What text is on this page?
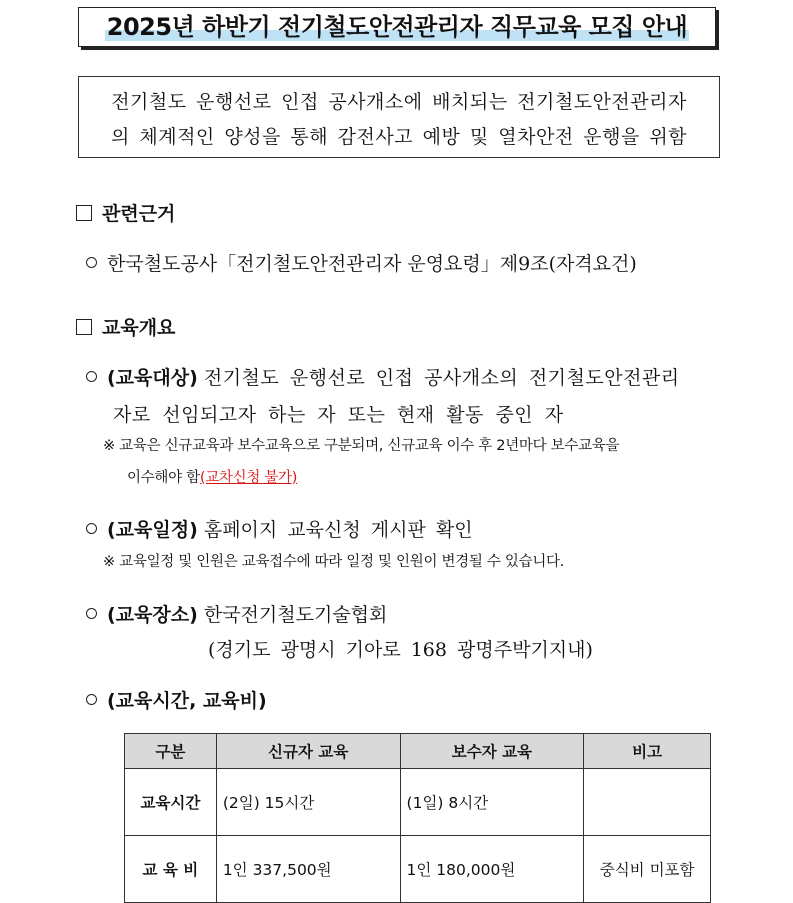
2025년 하반기 전기철도안전관리자 직무교육 모집 안내
전기철도 운행선로 인접 공사개소에 배치되는 전기철도안전관리자
의 체계적인 양성을 통해 감전사고 예방 및 열차안전 운행을 위함
관련근거
한국철도공사「전기철도안전관리자 운영요령」제9조(자격요건)
교육개요
(교육대상) 전기철도 운행선로 인접 공사개소의 전기철도안전관리
자로 선임되고자 하는 자 또는 현재 활동 중인 자
※ 교육은 신규교육과 보수교육으로 구분되며, 신규교육 이수 후 2년마다 보수교육을
이수해야 함(교차신청 불가)
(교육일정) 홈페이지 교육신청 게시판 확인
※ 교육일정 및 인원은 교육접수에 따라 일정 및 인원이 변경될 수 있습니다.
(교육장소) 한국전기철도기술협회
(경기도 광명시 기아로 168 광명주박기지내)
(교육시간, 교육비)
구분	신규자 교육	보수자 교육	비고
교육시간	(2일) 15시간	(1일) 8시간	
교 육 비	1인 337,500원	1인 180,000원	중식비 미포함
